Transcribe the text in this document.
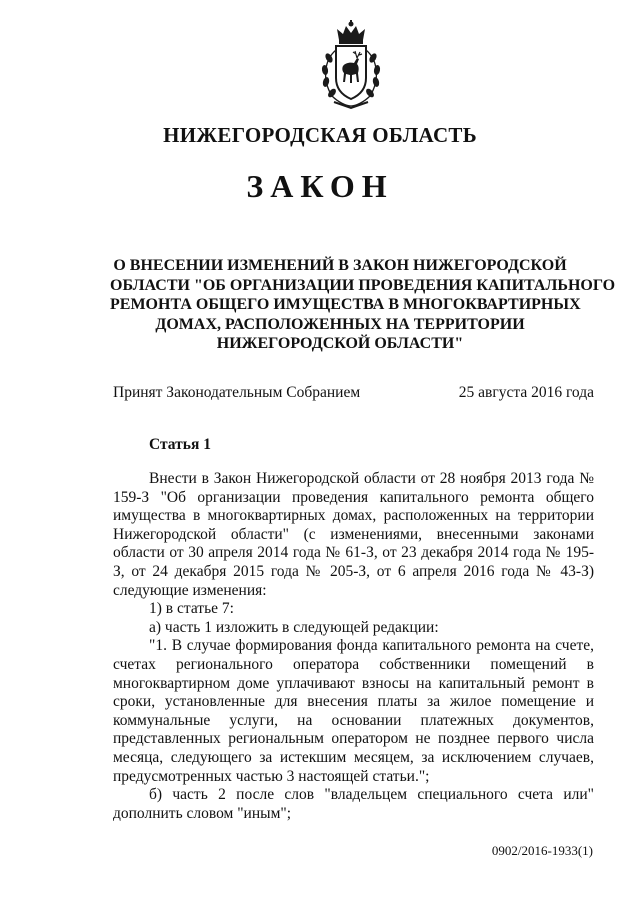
НИЖЕГОРОДСКАЯ ОБЛАСТЬ
ЗАКОН
О ВНЕСЕНИИ ИЗМЕНЕНИЙ В ЗАКОН НИЖЕГОРОДСКОЙ
ОБЛАСТИ "ОБ ОРГАНИЗАЦИИ ПРОВЕДЕНИЯ КАПИТАЛЬНОГО
РЕМОНТА ОБЩЕГО ИМУЩЕСТВА В МНОГОКВАРТИРНЫХ
ДОМАХ, РАСПОЛОЖЕННЫХ НА ТЕРРИТОРИИ
НИЖЕГОРОДСКОЙ ОБЛАСТИ"
Принят Законодательным Собранием	25 августа 2016 года
Статья 1

Внести в Закон Нижегородской области от 28 ноября 2013 года № 159-З "Об организации проведения капитального ремонта общего имущества в многоквартирных домах, расположенных на территории Нижегородской области" (с изменениями, внесенными законами области от 30 апреля 2014 года № 61-З, от 23 декабря 2014 года № 195-З, от 24 декабря 2015 года № 205-З, от 6 апреля 2016 года № 43-З) следующие изменения:

1) в статье 7:

а) часть 1 изложить в следующей редакции:

"1. В случае формирования фонда капитального ремонта на счете, счетах регионального оператора собственники помещений в многоквартирном доме уплачивают взносы на капитальный ремонт в сроки, установленные для внесения платы за жилое помещение и коммунальные услуги, на основании платежных документов, представленных региональным оператором не позднее первого числа месяца, следующего за истекшим месяцем, за исключением случаев, предусмотренных частью 3 настоящей статьи.";

б) часть 2 после слов "владельцем специального счета или" дополнить словом "иным";

0902/2016-1933(1)
